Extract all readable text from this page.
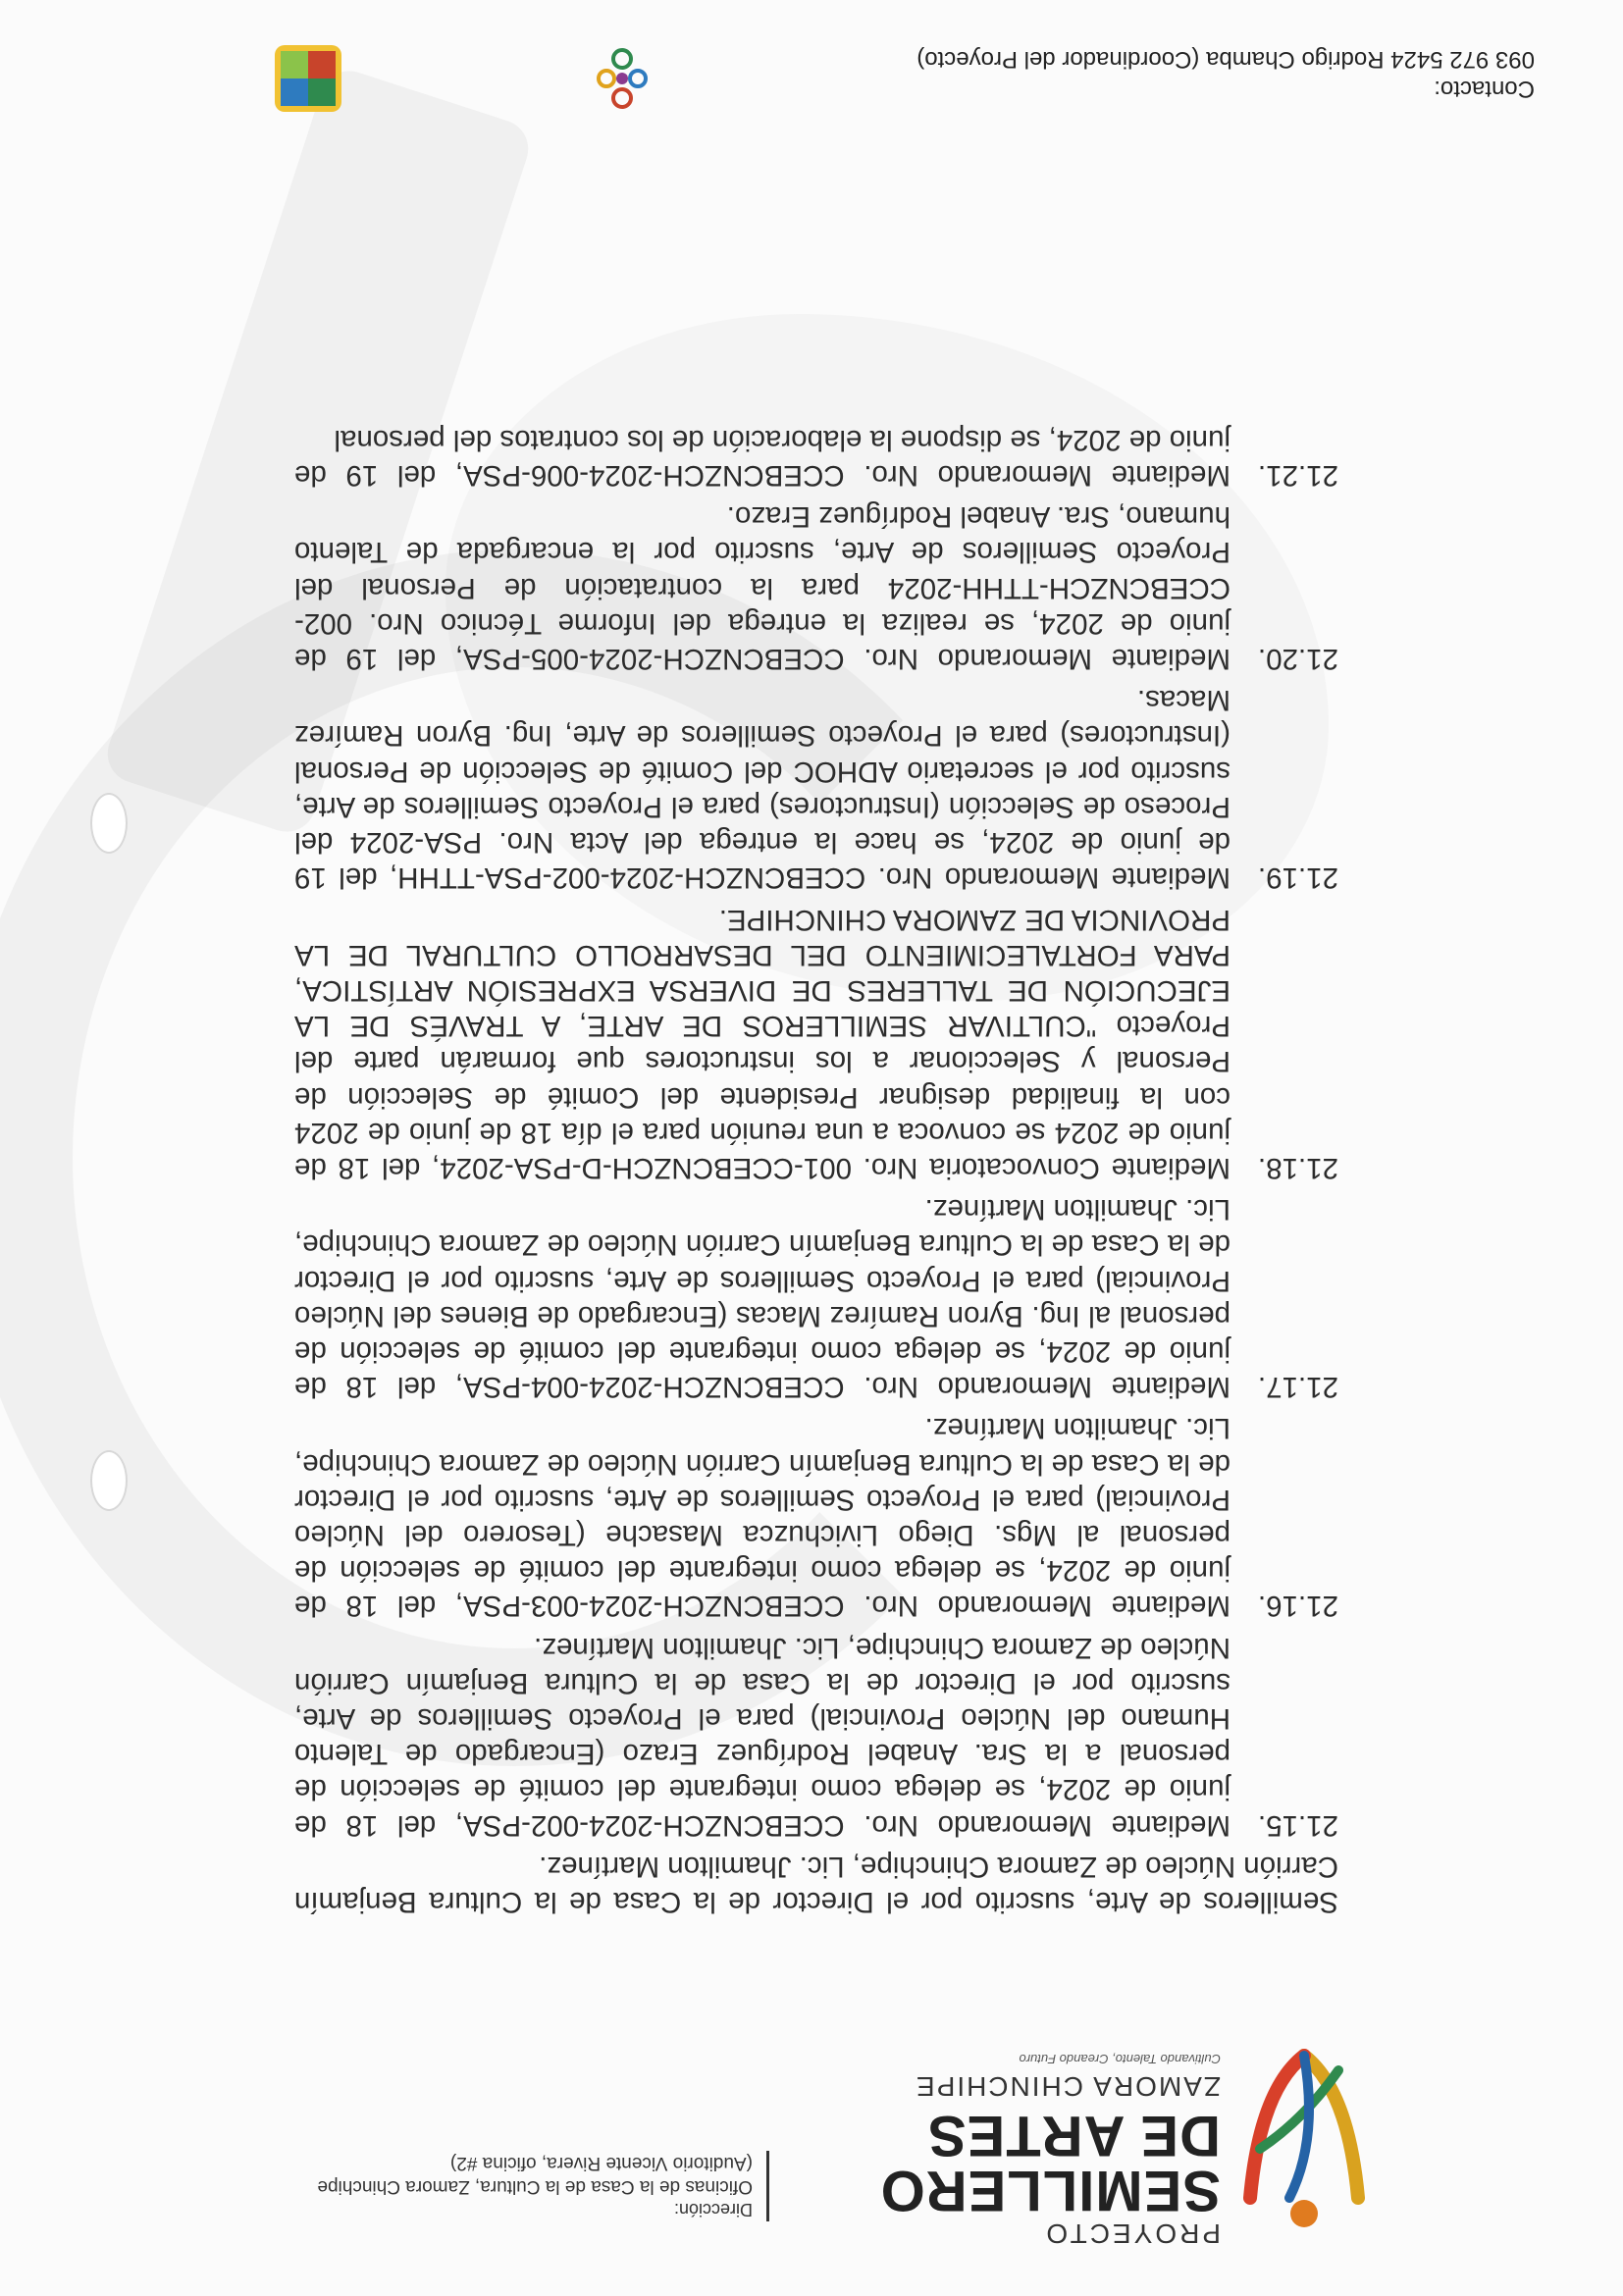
PROYECTO
SEMILLERO
DE ARTES
ZAMORA CHINCHIPE
Cultivando Talento, Creando Futuro
Dirección:
Oficinas de la Casa de la Cultura, Zamora Chinchipe
(Auditorio Vicente Rivera, oficina #2)

Semilleros de Arte, suscrito por el Director de la Casa de la Cultura Benjamín Carrión Núcleo de Zamora Chinchipe, Lic. Jhamilton Martínez.

21.15.
Mediante Memorando Nro. CCEBCNZCH-2024-002-PSA, del 18 de junio de 2024, se delega como integrante del comité de selección de personal a la Sra. Anabel Rodríguez Erazo (Encargado de Talento Humano del Núcleo Provincial) para el Proyecto Semilleros de Arte, suscrito por el Director de la Casa de la Cultura Benjamín Carrión Núcleo de Zamora Chinchipe, Lic. Jhamilton Martínez.
21.16.
Mediante Memorando Nro. CCEBCNZCH-2024-003-PSA, del 18 de junio de 2024, se delega como integrante del comité de selección de personal al Mgs. Diego Livichuzca Masache (Tesorero del Núcleo Provincial) para el Proyecto Semilleros de Arte, suscrito por el Director de la Casa de la Cultura Benjamín Carrión Núcleo de Zamora Chinchipe, Lic. Jhamilton Martínez.
21.17.
Mediante Memorando Nro. CCEBCNZCH-2024-004-PSA, del 18 de junio de 2024, se delega como integrante del comité de selección de personal al Ing. Byron Ramírez Macas (Encargado de Bienes del Núcleo Provincial) para el Proyecto Semilleros de Arte, suscrito por el Director de la Casa de la Cultura Benjamín Carrión Núcleo de Zamora Chinchipe, Lic. Jhamilton Martínez.
21.18.
Mediante Convocatoria Nro. 001-CCEBCNZCH-D-PSA-2024, del 18 de junio de 2024 se convoca a una reunión para el día 18 de junio de 2024 con la finalidad designar Presidente del Comité de Selección de Personal y Seleccionar a los instructores que formarán parte del Proyecto "CULTIVAR SEMILLEROS DE ARTE, A TRAVÉS DE LA EJECUCIÓN DE TALLERES DE DIVERSA EXPRESIÓN ARTÍSTICA, PARA FORTALECIMIENTO DEL DESARROLLO CULTURAL DE LA PROVINCIA DE ZAMORA CHINCHIPE.
21.19.
Mediante Memorando Nro. CCEBCNZCH-2024-002-PSA-TTHH, del 19 de junio de 2024, se hace la entrega del Acta Nro. PSA-2024 del Proceso de Selección (Instructores) para el Proyecto Semilleros de Arte, suscrito por el secretario ADHOC del Comité de Selección de Personal (Instructores) para el Proyecto Semilleros de Arte, Ing. Byron Ramírez Macas.
21.20.
Mediante Memorando Nro. CCEBCNZCH-2024-005-PSA, del 19 de junio de 2024, se realiza la entrega del Informe Técnico Nro. 002-CCEBCNZCH-TTHH-2024 para la contratación de Personal del Proyecto Semilleros de Arte, suscrito por la encargada de Talento humano, Sra. Anabel Rodríguez Erazo.
21.21.
Mediante Memorando Nro. CCEBCNZCH-2024-006-PSA, del 19 de junio de 2024, se dispone la elaboración de los contratos del personal
Contacto:
093 972 5424 Rodrigo Chamba (Coordinador del Proyecto)
